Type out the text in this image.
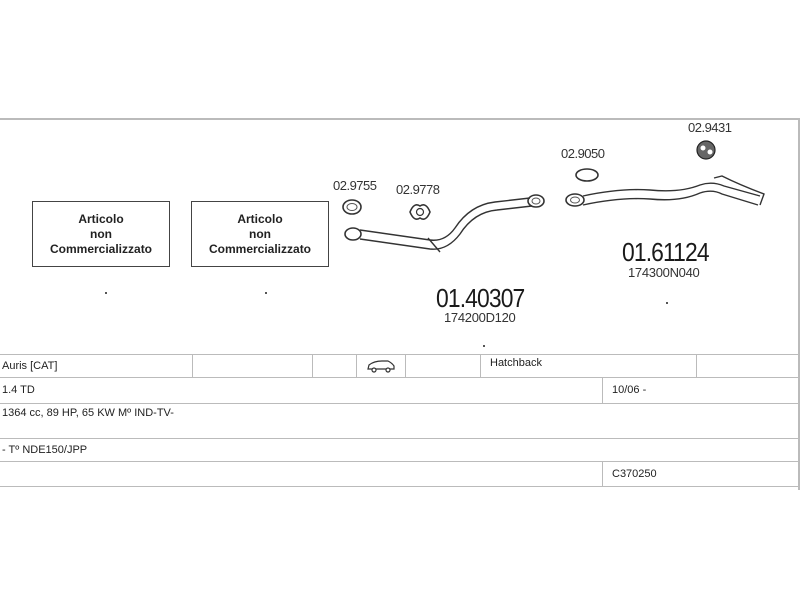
Articolo
non
Commercializzato
Articolo
non
Commercializzato
02.9755 02.9778
02.9050
02.9431
01.40307
174200D120
01.61124
174300N040
Auris [CAT]	Hatchback
1.4 TD	10/06 -
1364 cc, 89 HP, 65 KW Mº IND-TV-
- Tº NDE150/JPP
C370250
